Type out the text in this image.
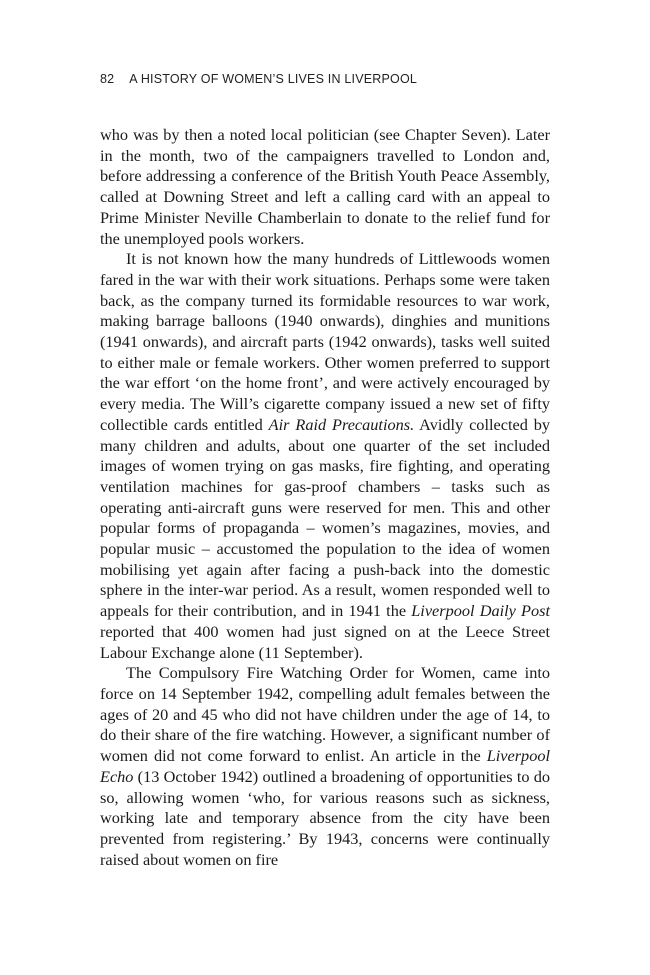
82 A HISTORY OF WOMEN’S LIVES IN LIVERPOOL

who was by then a noted local politician (see Chapter Seven). Later in the month, two of the campaigners travelled to London and, before addressing a conference of the British Youth Peace Assembly, called at Downing Street and left a calling card with an appeal to Prime Minister Neville Chamberlain to donate to the relief fund for the unemployed pools workers.

It is not known how the many hundreds of Littlewoods women fared in the war with their work situations. Perhaps some were taken back, as the company turned its formidable resources to war work, making barrage balloons (1940 onwards), dinghies and munitions (1941 onwards), and aircraft parts (1942 onwards), tasks well suited to either male or female workers. Other women preferred to support the war effort ‘on the home front’, and were actively encouraged by every media. The Will’s cigarette company issued a new set of fifty collectible cards entitled Air Raid Precautions. Avidly collected by many children and adults, about one quarter of the set included images of women trying on gas masks, fire fighting, and operating ventilation machines for gas-proof chambers – tasks such as operating anti-aircraft guns were reserved for men. This and other popular forms of propaganda – women’s magazines, movies, and popular music – accustomed the population to the idea of women mobilising yet again after facing a push-back into the domestic sphere in the inter-war period. As a result, women responded well to appeals for their contribution, and in 1941 the Liverpool Daily Post reported that 400 women had just signed on at the Leece Street Labour Exchange alone (11 September).

The Compulsory Fire Watching Order for Women, came into force on 14 September 1942, compelling adult females between the ages of 20 and 45 who did not have children under the age of 14, to do their share of the fire watching. However, a significant number of women did not come forward to enlist. An article in the Liverpool Echo (13 October 1942) outlined a broadening of opportunities to do so, allowing women ‘who, for various reasons such as sickness, working late and temporary absence from the city have been prevented from registering.’ By 1943, concerns were continually raised about women on fire
